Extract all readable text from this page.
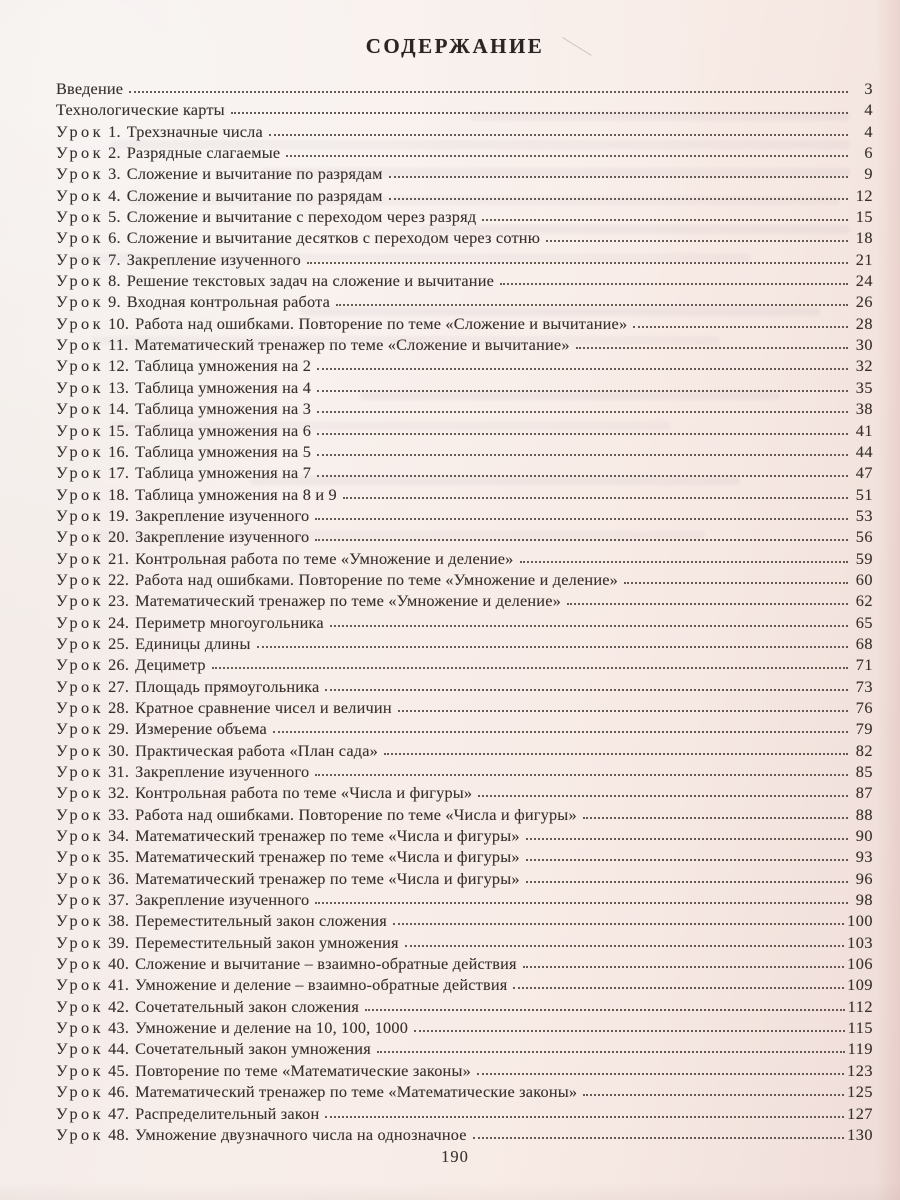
СОДЕРЖАНИЕ
Введение	3
Технологические карты	4
Урок 1. Трехзначные числа	4
Урок 2. Разрядные слагаемые	6
Урок 3. Сложение и вычитание по разрядам	9
Урок 4. Сложение и вычитание по разрядам	12
Урок 5. Сложение и вычитание с переходом через разряд	15
Урок 6. Сложение и вычитание десятков с переходом через сотню	18
Урок 7. Закрепление изученного	21
Урок 8. Решение текстовых задач на сложение и вычитание	24
Урок 9. Входная контрольная работа	26
Урок 10. Работа над ошибками. Повторение по теме «Сложение и вычитание»	28
Урок 11. Математический тренажер по теме «Сложение и вычитание»	30
Урок 12. Таблица умножения на 2	32
Урок 13. Таблица умножения на 4	35
Урок 14. Таблица умножения на 3	38
Урок 15. Таблица умножения на 6	41
Урок 16. Таблица умножения на 5	44
Урок 17. Таблица умножения на 7	47
Урок 18. Таблица умножения на 8 и 9	51
Урок 19. Закрепление изученного	53
Урок 20. Закрепление изученного	56
Урок 21. Контрольная работа по теме «Умножение и деление»	59
Урок 22. Работа над ошибками. Повторение по теме «Умножение и деление»	60
Урок 23. Математический тренажер по теме «Умножение и деление»	62
Урок 24. Периметр многоугольника	65
Урок 25. Единицы длины	68
Урок 26. Дециметр	71
Урок 27. Площадь прямоугольника	73
Урок 28. Кратное сравнение чисел и величин	76
Урок 29. Измерение объема	79
Урок 30. Практическая работа «План сада»	82
Урок 31. Закрепление изученного	85
Урок 32. Контрольная работа по теме «Числа и фигуры»	87
Урок 33. Работа над ошибками. Повторение по теме «Числа и фигуры»	88
Урок 34. Математический тренажер по теме «Числа и фигуры»	90
Урок 35. Математический тренажер по теме «Числа и фигуры»	93
Урок 36. Математический тренажер по теме «Числа и фигуры»	96
Урок 37. Закрепление изученного	98
Урок 38. Переместительный закон сложения	100
Урок 39. Переместительный закон умножения	103
Урок 40. Сложение и вычитание – взаимно-обратные действия	106
Урок 41. Умножение и деление – взаимно-обратные действия	109
Урок 42. Сочетательный закон сложения	112
Урок 43. Умножение и деление на 10, 100, 1000	115
Урок 44. Сочетательный закон умножения	119
Урок 45. Повторение по теме «Математические законы»	123
Урок 46. Математический тренажер по теме «Математические законы»	125
Урок 47. Распределительный закон	127
Урок 48. Умножение двузначного числа на однозначное	130
190
